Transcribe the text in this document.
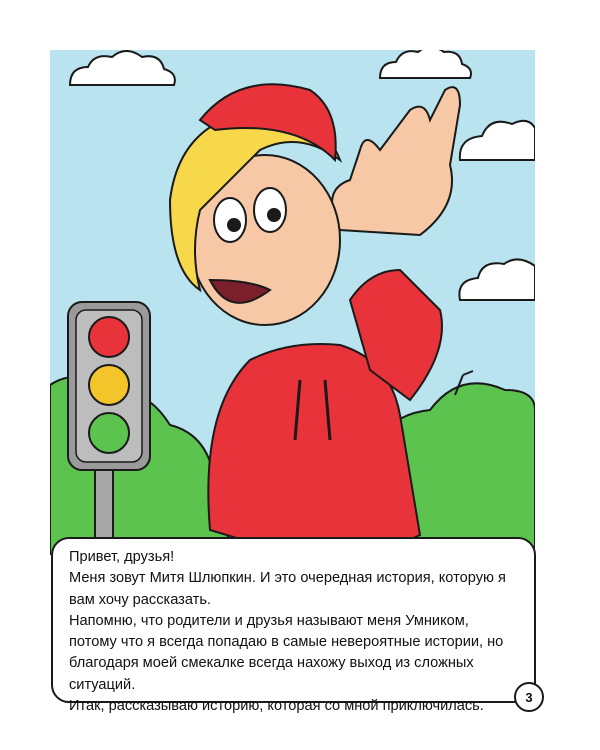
Привет, друзья!

Меня зовут Митя Шлюпкин. И это очередная история, которую я вам хочу рассказать.

Напомню, что родители и друзья называют меня Умником, потому что я всегда попадаю в самые невероятные истории, но благодаря моей смекалке всегда нахожу выход из сложных ситуаций.

Итак, рассказываю историю, которая со мной приключилась.

3
